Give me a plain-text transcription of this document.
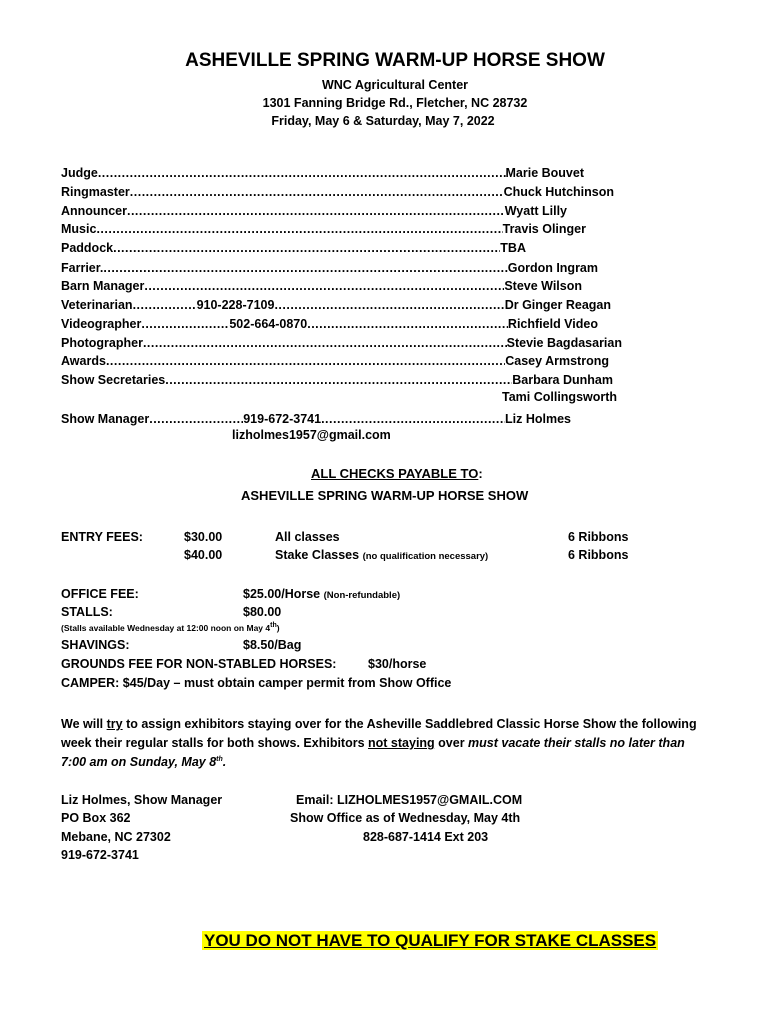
ASHEVILLE SPRING WARM-UP HORSE SHOW
WNC Agricultural Center
1301 Fanning Bridge Rd., Fletcher, NC 28732
Friday, May 6 & Saturday, May 7, 2022
Judge .....	Marie Bouvet
Ringmaster .....	Chuck Hutchinson
Announcer .....	Wyatt Lilly
Music .....	Travis Olinger
Paddock .....	TBA
Farrier. .....	Gordon Ingram
Barn Manager .....	Steve Wilson
Veterinarian .....	910-228-7109 .....	Dr Ginger Reagan
Videographer .....	502-664-0870 .....	Richfield Video
Photographer .....	Stevie Bagdasarian
Awards .....	Casey Armstrong
Show Secretaries .....	Barbara Dunham
Tami Collingsworth
Show Manager .....	919-672-3741 .....	Liz Holmes
lizholmes1957@gmail.com
ALL CHECKS PAYABLE TO:
ASHEVILLE SPRING WARM-UP HORSE SHOW
ENTRY FEES:	$30.00	All classes	6 Ribbons
$40.00	Stake Classes (no qualification necessary)	6 Ribbons
OFFICE FEE:	$25.00/Horse (Non-refundable)
STALLS:	$80.00
(Stalls available Wednesday at 12:00 noon on May 4th)
SHAVINGS:	$8.50/Bag
GROUNDS FEE FOR NON-STABLED HORSES:	$30/horse
CAMPER: $45/Day – must obtain camper permit from Show Office
We will try to assign exhibitors staying over for the Asheville Saddlebred Classic Horse Show the following
week their regular stalls for both shows. Exhibitors not staying over must vacate their stalls no later than
7:00 am on Sunday, May 8th.
Liz Holmes, Show Manager
PO Box 362
Mebane, NC 27302
919-672-3741
Email: LIZHOLMES1957@GMAIL.COM
Show Office as of Wednesday, May 4th
828-687-1414 Ext 203
YOU DO NOT HAVE TO QUALIFY FOR STAKE CLASSES
